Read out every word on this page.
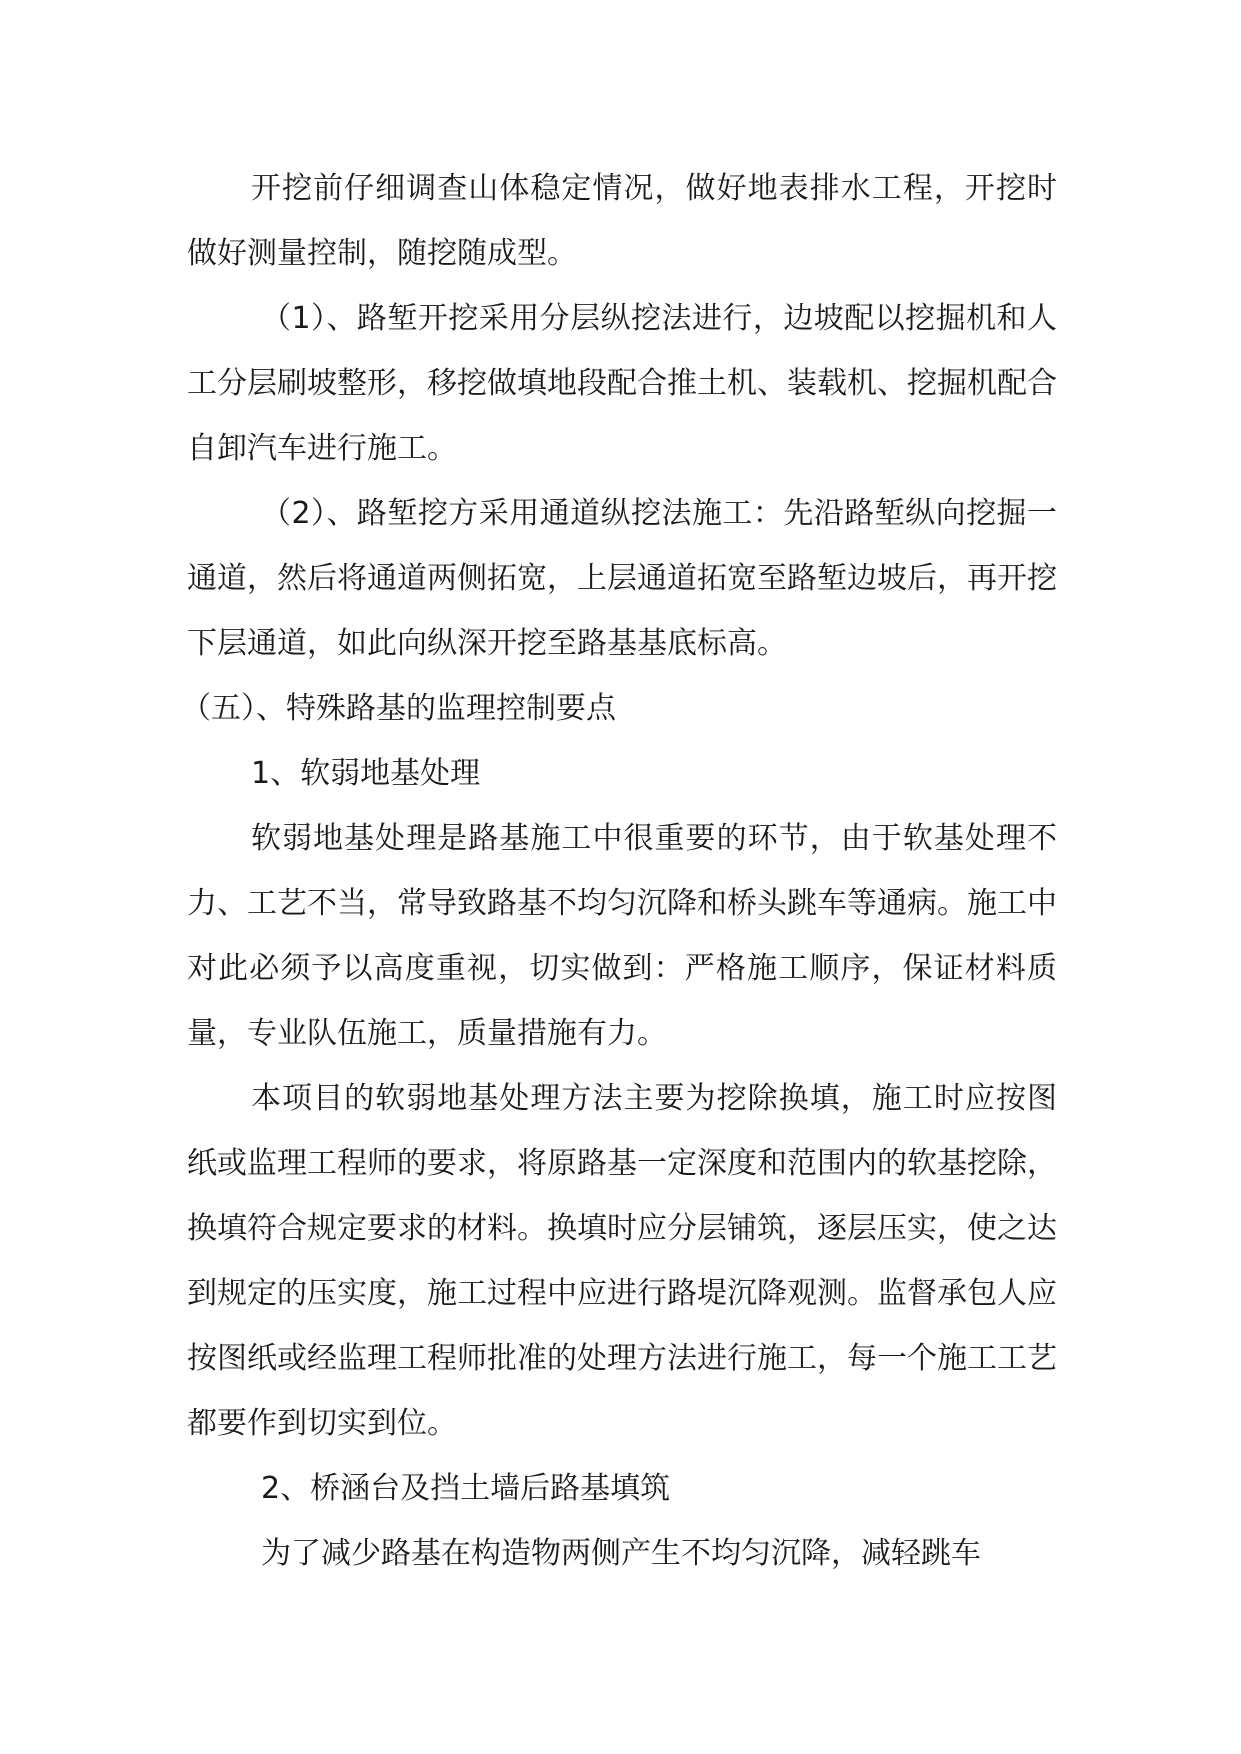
开挖前仔细调查山体稳定情况，做好地表排水工程，开挖时做好测量控制，随挖随成型。

（1）、路堑开挖采用分层纵挖法进行，边坡配以挖掘机和人工分层刷坡整形，移挖做填地段配合推土机、装载机、挖掘机配合自卸汽车进行施工。

（2）、路堑挖方采用通道纵挖法施工：先沿路堑纵向挖掘一通道，然后将通道两侧拓宽，上层通道拓宽至路堑边坡后，再开挖下层通道，如此向纵深开挖至路基基底标高。

（五）、特殊路基的监理控制要点

1、软弱地基处理

软弱地基处理是路基施工中很重要的环节，由于软基处理不力、工艺不当，常导致路基不均匀沉降和桥头跳车等通病。施工中对此必须予以高度重视，切实做到：严格施工顺序，保证材料质量，专业队伍施工，质量措施有力。

本项目的软弱地基处理方法主要为挖除换填，施工时应按图纸或监理工程师的要求，将原路基一定深度和范围内的软基挖除，换填符合规定要求的材料。换填时应分层铺筑，逐层压实，使之达到规定的压实度，施工过程中应进行路堤沉降观测。监督承包人应按图纸或经监理工程师批准的处理方法进行施工，每一个施工工艺都要作到切实到位。

2、桥涵台及挡土墙后路基填筑

为了减少路基在构造物两侧产生不均匀沉降，减轻跳车
